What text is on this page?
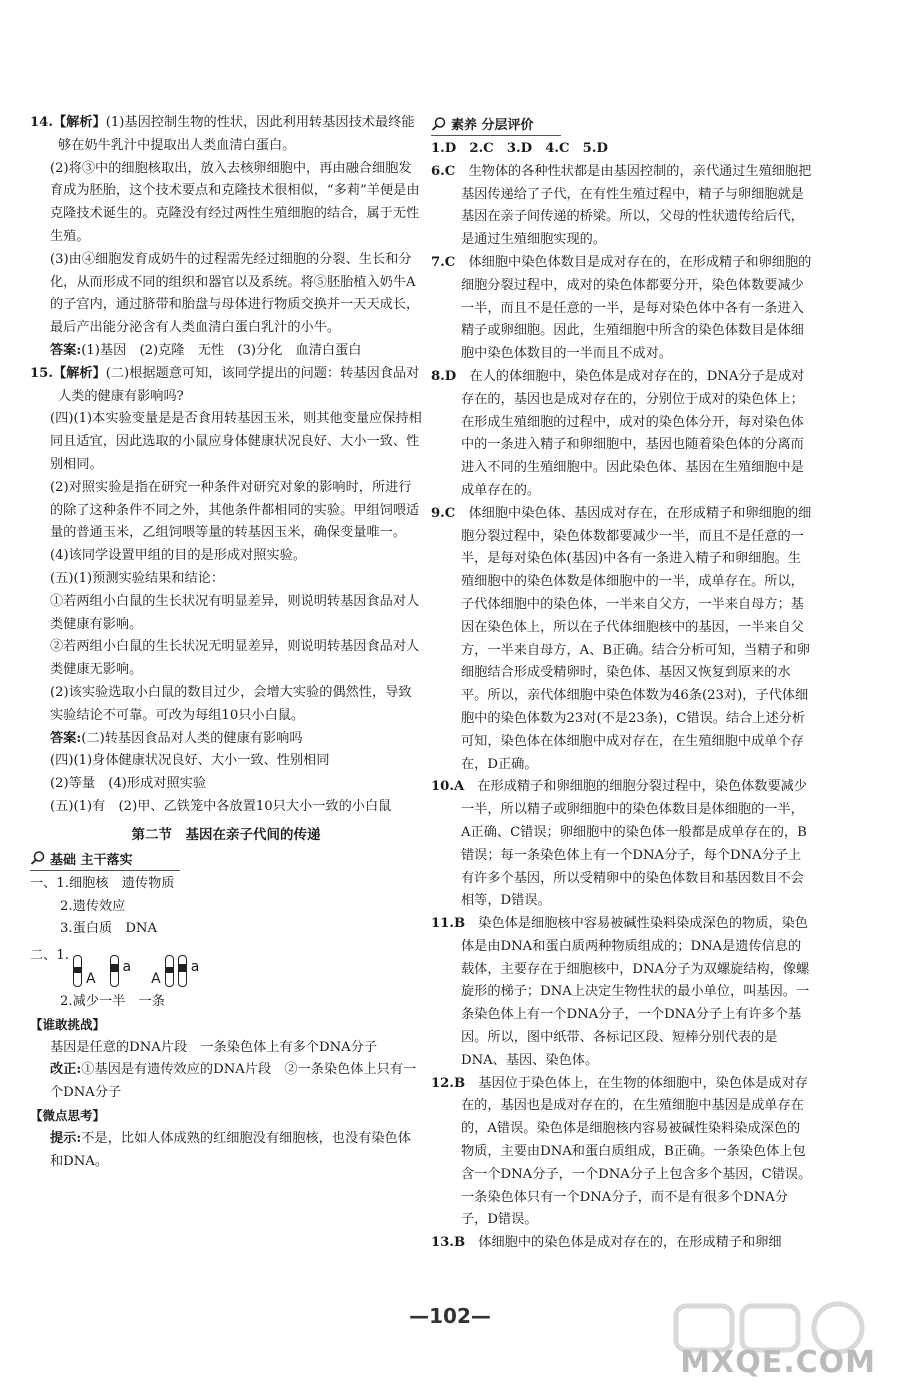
14.【解析】(1)基因控制生物的性状，因此利用转基因技术最终能够在奶牛乳汁中提取出人类血清白蛋白。

(2)将③中的细胞核取出，放入去核卵细胞中，再由融合细胞发育成为胚胎，这个技术要点和克隆技术很相似，“多莉”羊便是由克隆技术诞生的。克隆没有经过两性生殖细胞的结合，属于无性生殖。

(3)由④细胞发育成奶牛的过程需先经过细胞的分裂、生长和分化，从而形成不同的组织和器官以及系统。将⑤胚胎植入奶牛A的子宫内，通过脐带和胎盘与母体进行物质交换并一天天成长，最后产出能分泌含有人类血清白蛋白乳汁的小牛。

答案:(1)基因　(2)克隆　无性　(3)分化　血清白蛋白

15.【解析】(二)根据题意可知，该同学提出的问题：转基因食品对人类的健康有影响吗?

(四)(1)本实验变量是是否食用转基因玉米，则其他变量应保持相同且适宜，因此选取的小鼠应身体健康状况良好、大小一致、性别相同。

(2)对照实验是指在研究一种条件对研究对象的影响时，所进行的除了这种条件不同之外，其他条件都相同的实验。甲组饲喂适量的普通玉米，乙组饲喂等量的转基因玉米，确保变量唯一。

(4)该同学设置甲组的目的是形成对照实验。

(五)(1)预测实验结果和结论：

①若两组小白鼠的生长状况有明显差异，则说明转基因食品对人类健康有影响。

②若两组小白鼠的生长状况无明显差异，则说明转基因食品对人类健康无影响。

(2)该实验选取小白鼠的数目过少，会增大实验的偶然性，导致实验结论不可靠。可改为每组10只小白鼠。

答案:(二)转基因食品对人类的健康有影响吗

(四)(1)身体健康状况良好、大小一致、性别相同

(2)等量　(4)形成对照实验

(五)(1)有　(2)甲、乙铁笼中各放置10只大小一致的小白鼠

第二节　基因在亲子代间的传递
基础 主干落实

一、1.细胞核　遗传物质

2.遗传效应

3.蛋白质　DNA

二、1.
A
a
A
a

2.减少一半　一条

【谁敢挑战】

基因是任意的DNA片段　一条染色体上有多个DNA分子

改正:①基因是有遗传效应的DNA片段　②一条染色体上只有一个DNA分子

【微点思考】

提示:不是，比如人体成熟的红细胞没有细胞核，也没有染色体和DNA。

素养 分层评价

1.D　2.C　3.D　4.C　5.D

6.C　 生物体的各种性状都是由基因控制的，亲代通过生殖细胞把基因传递给了子代，在有性生殖过程中，精子与卵细胞就是基因在亲子间传递的桥梁。所以，父母的性状遗传给后代，是通过生殖细胞实现的。

7.C　 体细胞中染色体数目是成对存在的，在形成精子和卵细胞的细胞分裂过程中，成对的染色体都要分开，染色体数要减少一半，而且不是任意的一半，是每对染色体中各有一条进入精子或卵细胞。因此，生殖细胞中所含的染色体数目是体细胞中染色体数目的一半而且不成对。

8.D　 在人的体细胞中，染色体是成对存在的，DNA分子是成对存在的，基因也是成对存在的，分别位于成对的染色体上；在形成生殖细胞的过程中，成对的染色体分开，每对染色体中的一条进入精子和卵细胞中，基因也随着染色体的分离而进入不同的生殖细胞中。因此染色体、基因在生殖细胞中是成单存在的。

9.C　 体细胞中染色体、基因成对存在，在形成精子和卵细胞的细胞分裂过程中，染色体数都要减少一半，而且不是任意的一半，是每对染色体(基因)中各有一条进入精子和卵细胞。生殖细胞中的染色体数是体细胞中的一半，成单存在。所以，子代体细胞中的染色体，一半来自父方，一半来自母方；基因在染色体上，所以在子代体细胞核中的基因，一半来自父方，一半来自母方，A、B正确。结合分析可知，当精子和卵细胞结合形成受精卵时，染色体、基因又恢复到原来的水平。所以，亲代体细胞中染色体数为46条(23对)，子代体细胞中的染色体数为23对(不是23条)，C错误。结合上述分析可知，染色体在体细胞中成对存在，在生殖细胞中成单个存在，D正确。

10.A　 在形成精子和卵细胞的细胞分裂过程中，染色体数要减少一半，所以精子或卵细胞中的染色体数目是体细胞的一半，A正确、C错误；卵细胞中的染色体一般都是成单存在的，B错误；每一条染色体上有一个DNA分子，每个DNA分子上有许多个基因，所以受精卵中的染色体数目和基因数目不会相等，D错误。

11.B　 染色体是细胞核中容易被碱性染料染成深色的物质，染色体是由DNA和蛋白质两种物质组成的；DNA是遗传信息的载体，主要存在于细胞核中，DNA分子为双螺旋结构，像螺旋形的梯子；DNA上决定生物性状的最小单位，叫基因。一条染色体上有一个DNA分子，一个DNA分子上有许多个基因。所以，图中纸带、各标记区段、短棒分别代表的是DNA、基因、染色体。

12.B　 基因位于染色体上，在生物的体细胞中，染色体是成对存在的，基因也是成对存在的，在生殖细胞中基因是成单存在的，A错误。染色体是细胞核内容易被碱性染料染成深色的物质，主要由DNA和蛋白质组成，B正确。一条染色体上包含一个DNA分子，一个DNA分子上包含多个基因，C错误。一条染色体只有一个DNA分子，而不是有很多个DNA分子，D错误。

13.B　 体细胞中的染色体是成对存在的，在形成精子和卵细

—102—
MXQE.COM
